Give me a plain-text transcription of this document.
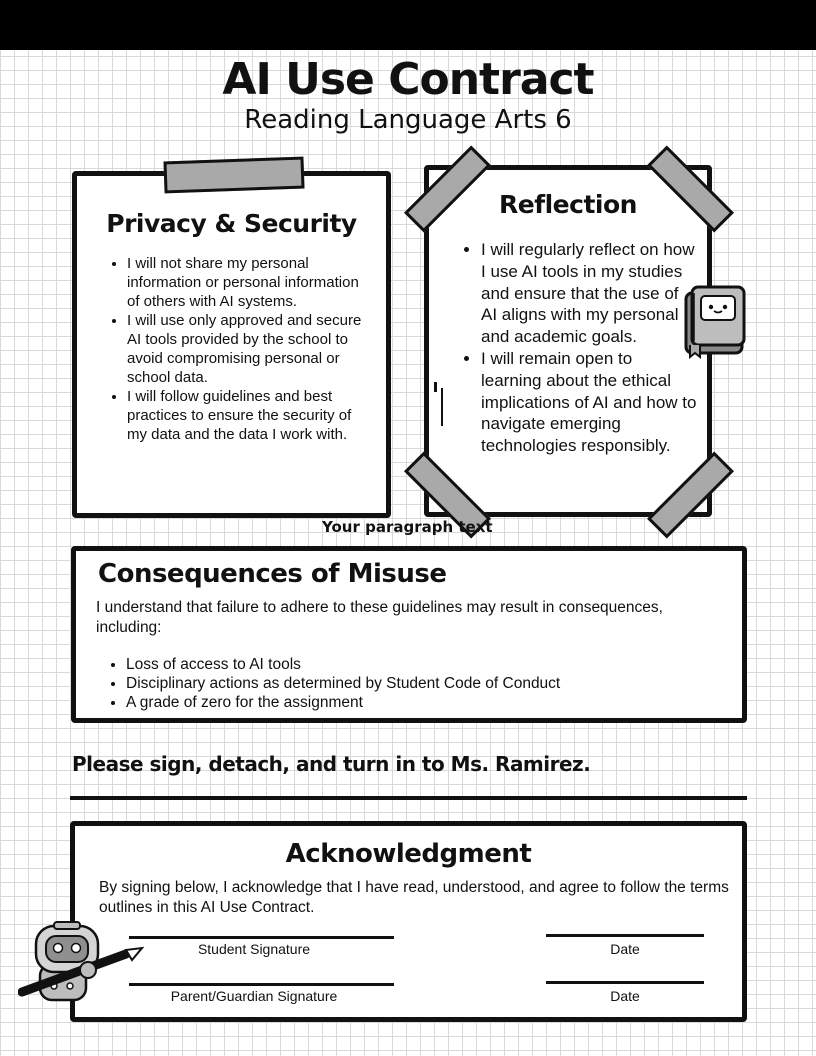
AI Use Contract
Reading Language Arts 6
Privacy & Security
• I will not share my personal information or personal information of others with AI systems.
• I will use only approved and secure AI tools provided by the school to avoid compromising personal or school data.
• I will follow guidelines and best practices to ensure the security of my data and the data I work with.
Reflection
• I will regularly reflect on how I use AI tools in my studies and ensure that the use of AI aligns with my personal and academic goals.
• I will remain open to learning about the ethical implications of AI and how to navigate emerging technologies responsibly.
Your paragraph text
Consequences of Misuse

I understand that failure to adhere to these guidelines may result in consequences, including:

• Loss of access to AI tools
• Disciplinary actions as determined by Student Code of Conduct
• A grade of zero for the assignment
Please sign, detach, and turn in to Ms. Ramirez.
Acknowledgment

By signing below, I acknowledge that I have read, understood, and agree to follow the terms outlines in this AI Use Contract.

Student Signature	Date
Parent/Guardian Signature	Date
